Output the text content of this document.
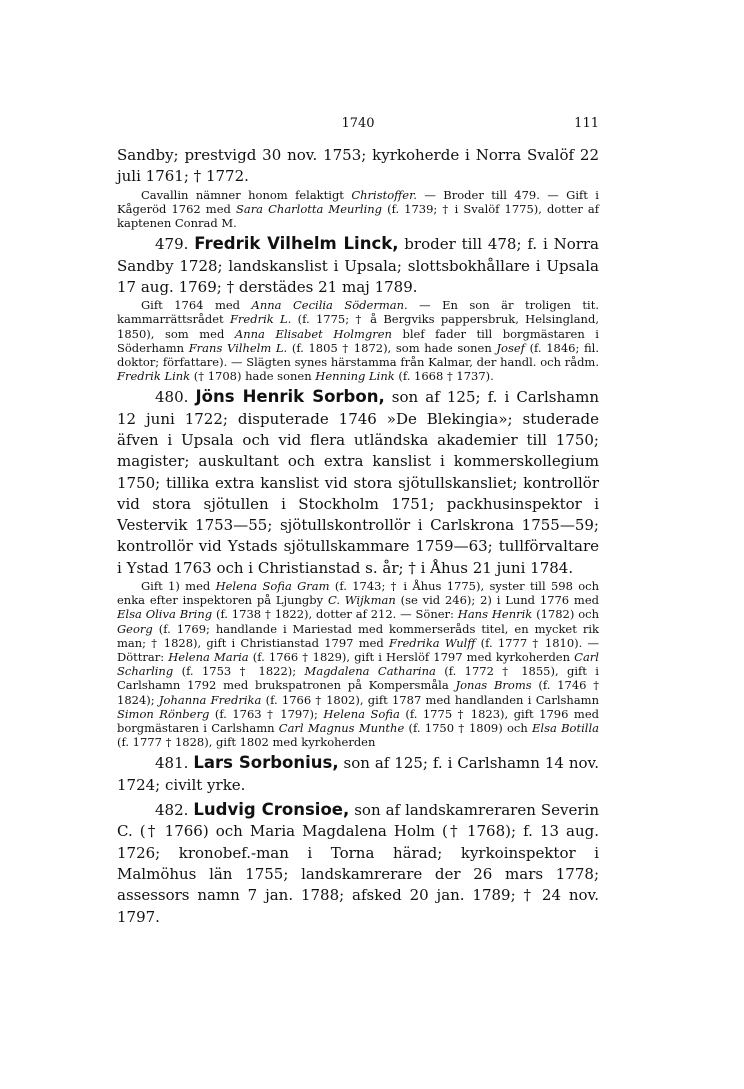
1740	111

Sandby; prestvigd 30 nov. 1753; kyrkoherde i Norra Svalöf 22 juli 1761; † 1772.

Cavallin nämner honom felaktigt Christoffer. — Broder till 479. — Gift i Kågeröd 1762 med Sara Charlotta Meurling (f. 1739; † i Svalöf 1775), dotter af kaptenen Conrad M.

479. Fredrik Vilhelm Linck, broder till 478; f. i Norra Sandby 1728; landskanslist i Upsala; slottsbokhållare i Upsala 17 aug. 1769; † derstädes 21 maj 1789.

Gift 1764 med Anna Cecilia Söderman. — En son är troligen tit. kammarrättsrådet Fredrik L. (f. 1775; † å Bergviks pappersbruk, Helsingland, 1850), som med Anna Elisabet Holmgren blef fader till borgmästaren i Söderhamn Frans Vilhelm L. (f. 1805 † 1872), som hade sonen Josef (f. 1846; fil. doktor; författare). — Slägten synes härstamma från Kalmar, der handl. och rådm. Fredrik Link († 1708) hade sonen Henning Link (f. 1668 † 1737).

480. Jöns Henrik Sorbon, son af 125; f. i Carlshamn 12 juni 1722; disputerade 1746 »De Blekingia»; studerade äfven i Upsala och vid flera utländska akademier till 1750; magister; auskultant och extra kanslist i kommerskollegium 1750; tillika extra kanslist vid stora sjötullskansliet; kontrollör vid stora sjötullen i Stockholm 1751; packhusinspektor i Vestervik 1753—55; sjötullskontrollör i Carlskrona 1755—59; kontrollör vid Ystads sjötullskammare 1759—63; tullförvaltare i Ystad 1763 och i Christianstad s. år; † i Åhus 21 juni 1784.

Gift 1) med Helena Sofia Gram (f. 1743; † i Åhus 1775), syster till 598 och enka efter inspektoren på Ljungby C. Wijkman (se vid 246); 2) i Lund 1776 med Elsa Oliva Bring (f. 1738 † 1822), dotter af 212. — Söner: Hans Henrik (1782) och Georg (f. 1769; handlande i Mariestad med kommerseråds titel, en mycket rik man; † 1828), gift i Christianstad 1797 med Fredrika Wulff (f. 1777 † 1810). — Döttrar: Helena Maria (f. 1766 † 1829), gift i Herslöf 1797 med kyrkoherden Carl Scharling (f. 1753 † 1822); Magdalena Catharina (f. 1772 † 1855), gift i Carlshamn 1792 med brukspatronen på Kompersmåla Jonas Broms (f. 1746 † 1824); Johanna Fredrika (f. 1766 † 1802), gift 1787 med handlanden i Carlshamn Simon Rönberg (f. 1763 † 1797); Helena Sofia (f. 1775 † 1823), gift 1796 med borgmästaren i Carlshamn Carl Magnus Munthe (f. 1750 † 1809) och Elsa Botilla (f. 1777 † 1828), gift 1802 med kyrkoherden

481. Lars Sorbonius, son af 125; f. i Carlshamn 14 nov. 1724; civilt yrke.

482. Ludvig Cronsioe, son af landskamreraren Severin C. († 1766) och Maria Magdalena Holm († 1768); f. 13 aug. 1726; kronobef.-man i Torna härad; kyrkoinspektor i Malmöhus län 1755; landskamrerare der 26 mars 1778; assessors namn 7 jan. 1788; afsked 20 jan. 1789; † 24 nov. 1797.
